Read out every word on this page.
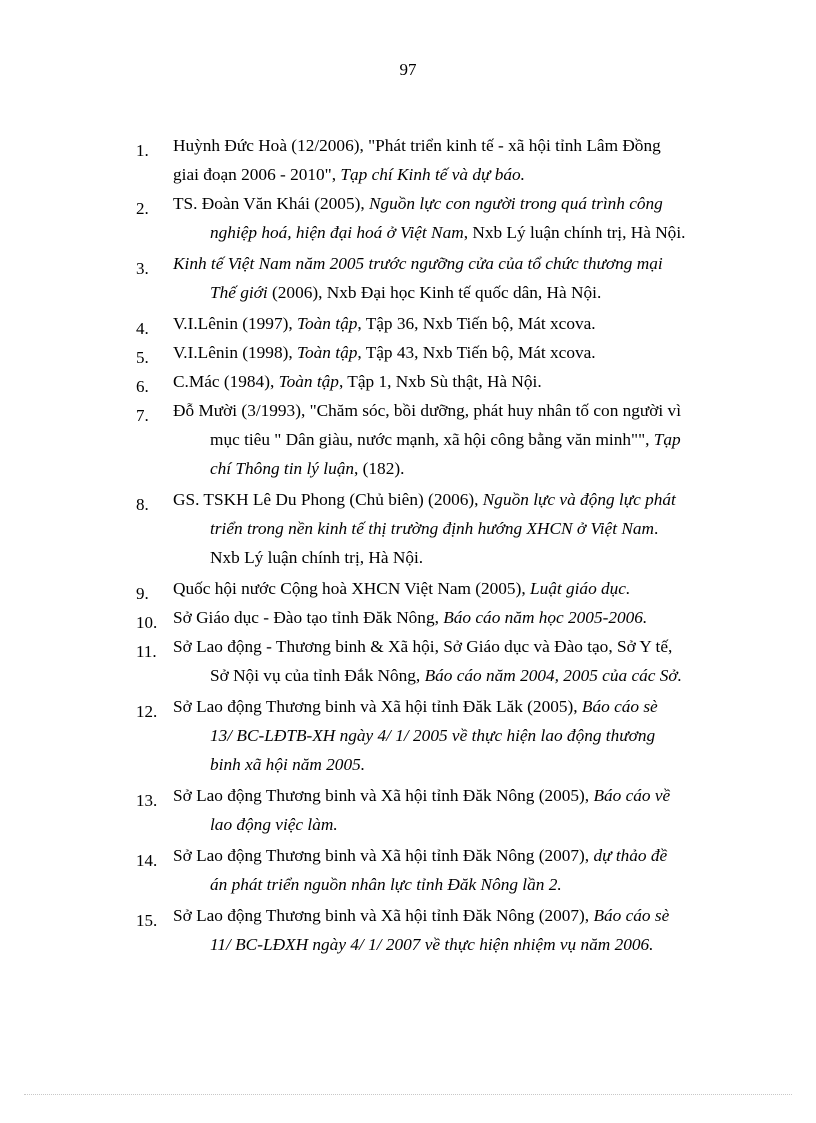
97
1.	Huỳnh Đức Hoà (12/2006), "Phát triển kinh tế - xã hội tỉnh Lâm Đồng
giai đoạn 2006 - 2010", Tạp chí Kinh tế và dự báo.
2.	TS. Đoàn Văn Khái (2005), Nguồn lực con người trong quá trình công
nghiệp hoá, hiện đại hoá ở Việt Nam, Nxb Lý luận chính trị, Hà Nội.
3.	Kinh tế Việt Nam năm 2005 trước ngưỡng cửa của tổ chức thương mại
Thế giới (2006), Nxb Đại học Kinh tế quốc dân, Hà Nội.
4.	V.I.Lênin (1997), Toàn tập, Tập 36, Nxb Tiến bộ, Mát xcova.
5.	V.I.Lênin (1998), Toàn tập, Tập 43, Nxb Tiến bộ, Mát xcova.
6.	C.Mác (1984), Toàn tập, Tập 1, Nxb Sù thật, Hà Nội.
7.	Đỗ Mười (3/1993), "Chăm sóc, bồi dưỡng, phát huy nhân tố con người vì
mục tiêu " Dân giàu, nước mạnh, xã hội công bằng văn minh"", Tạp
chí Thông tin lý luận, (182).
8.	GS. TSKH Lê Du Phong (Chủ biên) (2006), Nguồn lực và động lực phát
triển trong nền kinh tế thị trường định hướng XHCN ở Việt Nam.
Nxb Lý luận chính trị, Hà Nội.
9.	Quốc hội nước Cộng hoà XHCN Việt Nam (2005), Luật giáo dục.
10. Sở Giáo dục - Đào tạo tỉnh Đăk Nông, Báo cáo năm học 2005-2006.
11. Sở Lao động - Thương binh & Xã hội, Sở Giáo dục và Đào tạo, Sở Y tế,
Sở Nội vụ của tỉnh Đắk Nông, Báo cáo năm 2004, 2005 của các Sở.
12. Sở Lao động Thương binh và Xã hội tỉnh Đăk Lăk (2005), Báo cáo sè
13/ BC-LĐTB-XH ngày 4/ 1/ 2005 về thực hiện lao động thương
binh xã hội năm 2005.
13. Sở Lao động Thương binh và Xã hội tỉnh Đăk Nông (2005), Báo cáo về
lao động việc làm.
14. Sở Lao động Thương binh và Xã hội tỉnh Đăk Nông (2007), dự thảo đề
án phát triển nguồn nhân lực tỉnh Đăk Nông lần 2.
15. Sở Lao động Thương binh và Xã hội tỉnh Đăk Nông (2007), Báo cáo sè
11/ BC-LĐXH ngày 4/ 1/ 2007 về thực hiện nhiệm vụ năm 2006.
